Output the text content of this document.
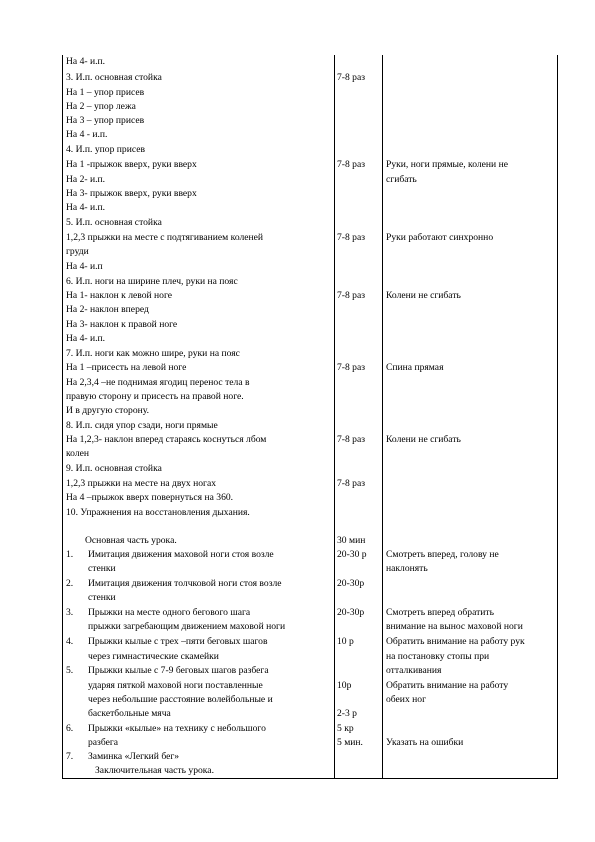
На 4- и.п.
3. И.п. основная стойка
На 1 – упор присев
На 2 – упор лежа
На 3 – упор присев
На 4 - и.п.
4. И.п. упор присев
На 1 -прыжок вверх, руки вверх
На 2- и.п.
На 3- прыжок вверх, руки вверх
На 4- и.п.
5. И.п. основная стойка
1,2,3 прыжки на месте с подтягиванием коленей
груди
На 4- и.п
6. И.п. ноги на ширине плеч, руки на пояс
На 1- наклон к левой ноге
На 2- наклон вперед
На 3- наклон к правой ноге
На 4- и.п.
7. И.п. ноги как можно шире, руки на пояс
На 1 –присесть на левой ноге
На 2,3,4 –не поднимая ягодиц перенос тела в
правую сторону и присесть на правой ноге.
И в другую сторону.
8. И.п. сидя упор сзади, ноги прямые
На 1,2,3- наклон вперед стараясь коснуться лбом
колен
9. И.п. основная стойка
1,2,3 прыжки на месте на двух ногах
На 4 –прыжок вверх повернуться на 360.
10. Упражнения на восстановления дыхания.
Основная часть урока.
1. Имитация движения маховой ноги стоя возле
стенки
2. Имитация движения толчковой ноги стоя возле
стенки
3. Прыжки на месте одного бегового шага
прыжки загребающим движением маховой ноги
4. Прыжки кылые с трех –пяти беговых шагов
через гимнастические скамейки
5. Прыжки кылые с 7-9 беговых шагов разбега
ударяя пяткой маховой ноги поставленные
через небольшие расстояние волейбольные и
баскетбольные мяча
6. Прыжки «кылые» на технику с небольшого
разбега
7. Заминка «Легкий бег»
Заключительная часть урока.
7-8 раз
7-8 раз
7-8 раз
7-8 раз
7-8 раз
7-8 раз
7-8 раз
30 мин
20-30 р
20-30р
20-30р
10 р
10р
2-3 р
5 кр
5 мин.
Руки, ноги прямые, колени не
сгибать
Руки работают синхронно
Колени не сгибать
Спина прямая
Колени не сгибать
Смотреть вперед, голову не
наклонять
Смотреть вперед обратить
внимание на вынос маховой ноги
Обратить внимание на работу рук
на постановку стопы при
отталкивания
Обратить внимание на работу
обеих ног
Указать на ошибки
